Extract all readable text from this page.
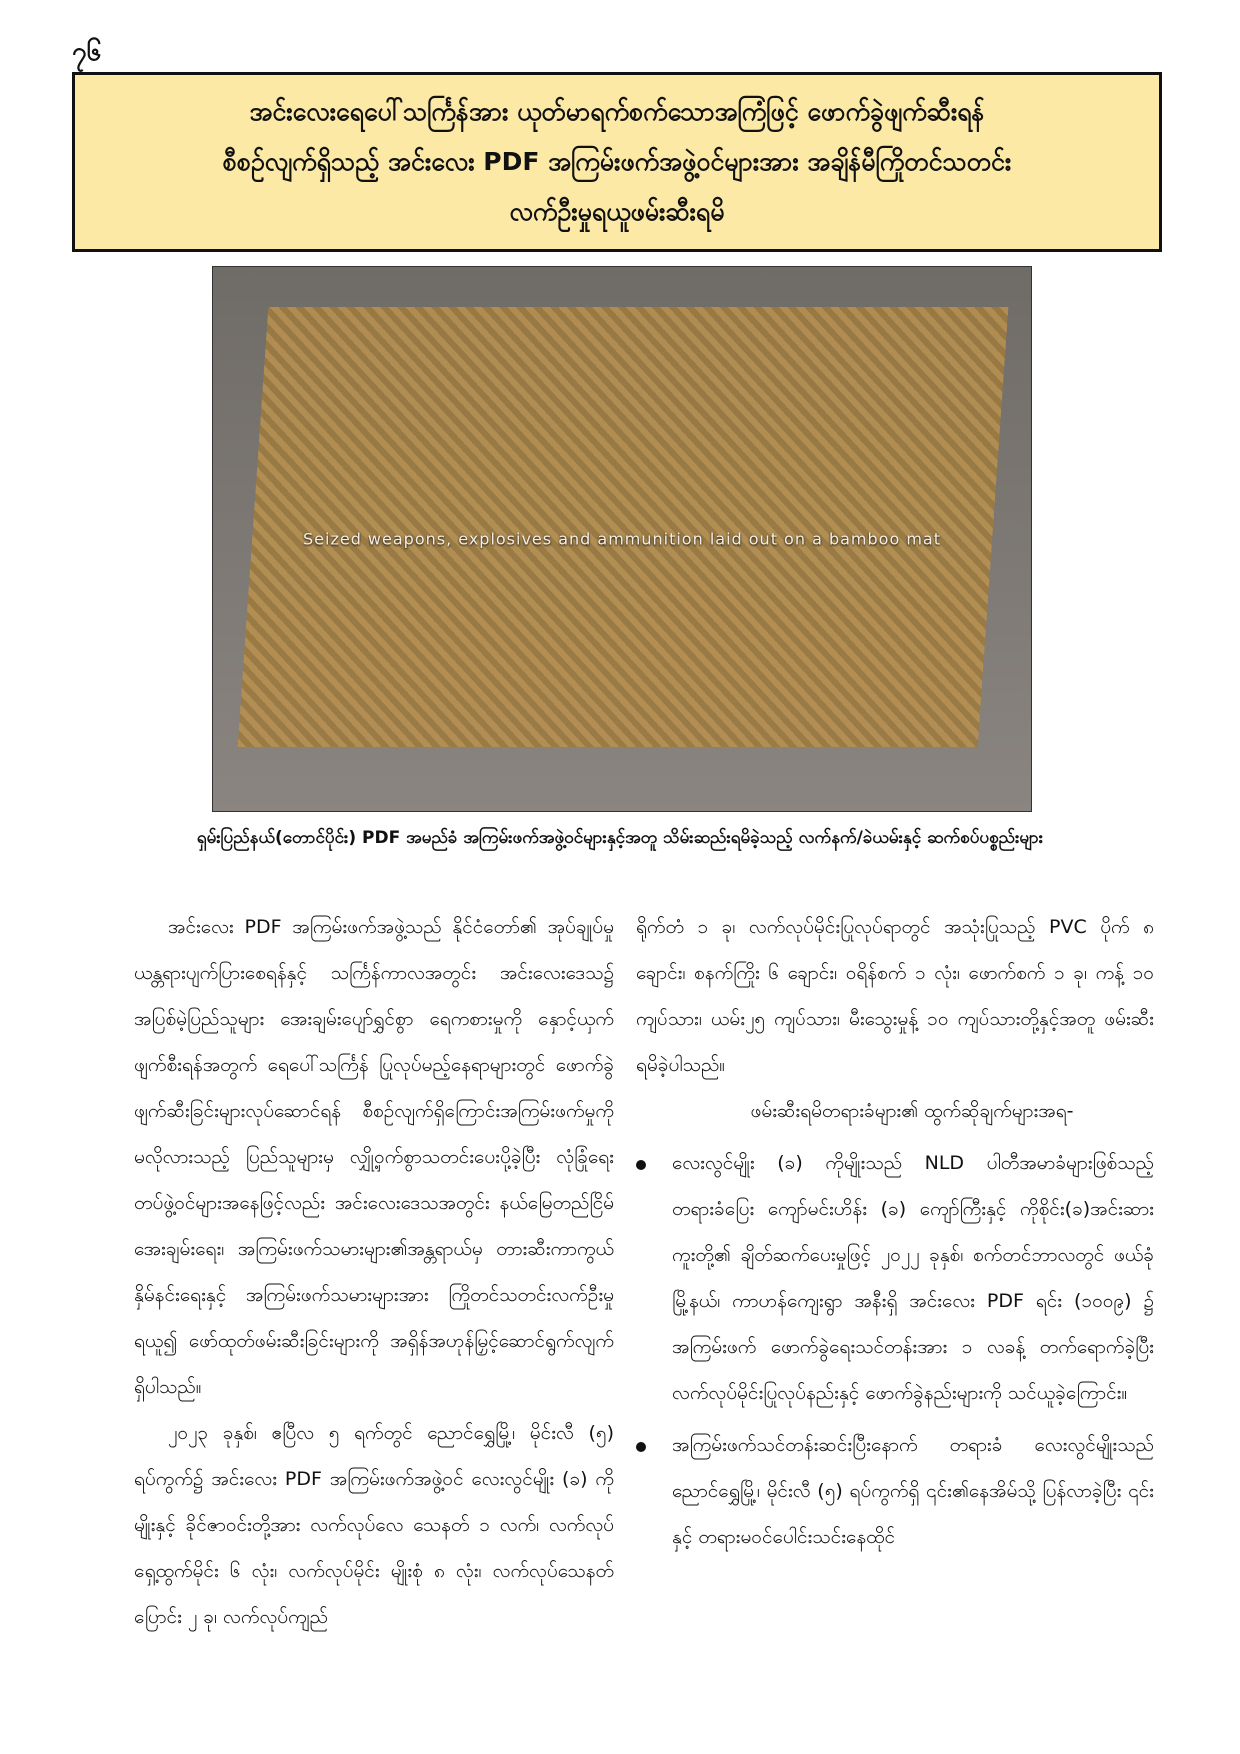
၇၆
အင်းလေးရေပေါ်သင်္ကြန်အား ယုတ်မာရက်စက်သောအကြံဖြင့် ဖောက်ခွဲဖျက်ဆီးရန်
စီစဉ်လျက်ရှိသည့် အင်းလေး PDF အကြမ်းဖက်အဖွဲ့ဝင်များအား အချိန်မီကြိုတင်သတင်း
လက်ဦးမှုရယူဖမ်းဆီးရမိ
Seized weapons, explosives and ammunition laid out on a bamboo mat
ရှမ်းပြည်နယ်(တောင်ပိုင်း) PDF အမည်ခံ အကြမ်းဖက်အဖွဲ့ဝင်များနှင့်အတူ သိမ်းဆည်းရမိခဲ့သည့် လက်နက်/ခဲယမ်းနှင့် ဆက်စပ်ပစ္စည်းများ

အင်းလေး PDF အကြမ်းဖက်အဖွဲ့သည် နိုင်ငံတော်၏ အုပ်ချုပ်မှုယန္တရားပျက်ပြားစေရန်နှင့် သင်္ကြန်ကာလအတွင်း အင်းလေးဒေသ၌ အပြစ်မဲ့ပြည်သူများ အေးချမ်းပျော်ရွှင်စွာ ရေကစားမှုကို နှောင့်ယှက်ဖျက်စီးရန်အတွက် ရေပေါ်သင်္ကြန် ပြုလုပ်မည့်နေရာများတွင် ဖောက်ခွဲဖျက်ဆီးခြင်းများလုပ်ဆောင်ရန် စီစဉ်လျက်ရှိကြောင်းအကြမ်းဖက်မှုကို မလိုလားသည့် ပြည်သူများမှ လျှို့ဝှက်စွာသတင်းပေးပို့ခဲ့ပြီး လုံခြုံရေးတပ်ဖွဲ့ဝင်များအနေဖြင့်လည်း အင်းလေးဒေသအတွင်း နယ်မြေတည်ငြိမ်အေးချမ်းရေး၊ အကြမ်းဖက်သမားများ၏အန္တရာယ်မှ တားဆီးကာကွယ်နှိမ်နင်းရေးနှင့် အကြမ်းဖက်သမားများအား ကြိုတင်သတင်းလက်ဦးမှုရယူ၍ ဖော်ထုတ်ဖမ်းဆီးခြင်းများကို အရှိန်အဟုန်မြှင့်ဆောင်ရွက်လျက်ရှိပါသည်။

၂၀၂၃ ခုနှစ်၊ ဧပြီလ ၅ ရက်တွင် ညောင်ရွှေမြို့၊ မိုင်းလီ (၅) ရပ်ကွက်၌ အင်းလေး PDF အကြမ်းဖက်အဖွဲ့ဝင် လေးလွင်မျိုး (ခ) ကိုမျိုးနှင့် ခိုင်ဇာဝင်းတို့အား လက်လုပ်လေ သေနတ် ၁ လက်၊ လက်လုပ်ရှေ့ထွက်မိုင်း ၆ လုံး၊ လက်လုပ်မိုင်း မျိုးစုံ ၈ လုံး၊ လက်လုပ်သေနတ်ပြောင်း ၂ ခု၊ လက်လုပ်ကျည်

ရိုက်တံ ၁ ခု၊ လက်လုပ်မိုင်းပြုလုပ်ရာတွင် အသုံးပြုသည့် PVC ပိုက် ၈ ချောင်း၊ စနက်ကြိုး ၆ ချောင်း၊ ဝရိန်စက် ၁ လုံး၊ ဖောက်စက် ၁ ခု၊ ကန့် ၁၀ ကျပ်သား၊ ယမ်း၂၅ ကျပ်သား၊ မီးသွေးမှုန့် ၁၀ ကျပ်သားတို့နှင့်အတူ ဖမ်းဆီးရမိခဲ့ပါသည်။

ဖမ်းဆီးရမိတရားခံများ၏ ထွက်ဆိုချက်များအရ-

လေးလွင်မျိုး (ခ) ကိုမျိုးသည် NLD ပါတီအမာခံများဖြစ်သည့် တရားခံပြေး ကျော်မင်းဟိန်း (ခ) ကျော်ကြီးနှင့် ကိုစိုင်း(ခ)အင်းဆားကူးတို့၏ ချိတ်ဆက်ပေးမှုဖြင့် ၂၀၂၂ ခုနှစ်၊ စက်တင်ဘာလတွင် ဖယ်ခုံမြို့နယ်၊ ကာဟန်ကျေးရွာ အနီးရှိ အင်းလေး PDF ရင်း (၁၀၀၉) ၌ အကြမ်းဖက် ဖောက်ခွဲရေးသင်တန်းအား ၁ လခန့် တက်ရောက်ခဲ့ပြီး လက်လုပ်မိုင်းပြုလုပ်နည်းနှင့် ဖောက်ခွဲနည်းများကို သင်ယူခဲ့ကြောင်း။
အကြမ်းဖက်သင်တန်းဆင်းပြီးနောက် တရားခံ လေးလွင်မျိုးသည် ညောင်ရွှေမြို့၊ မိုင်းလီ (၅) ရပ်ကွက်ရှိ ၎င်း၏နေအိမ်သို့ ပြန်လာခဲ့ပြီး ၎င်းနှင့် တရားမဝင်ပေါင်းသင်းနေထိုင်
